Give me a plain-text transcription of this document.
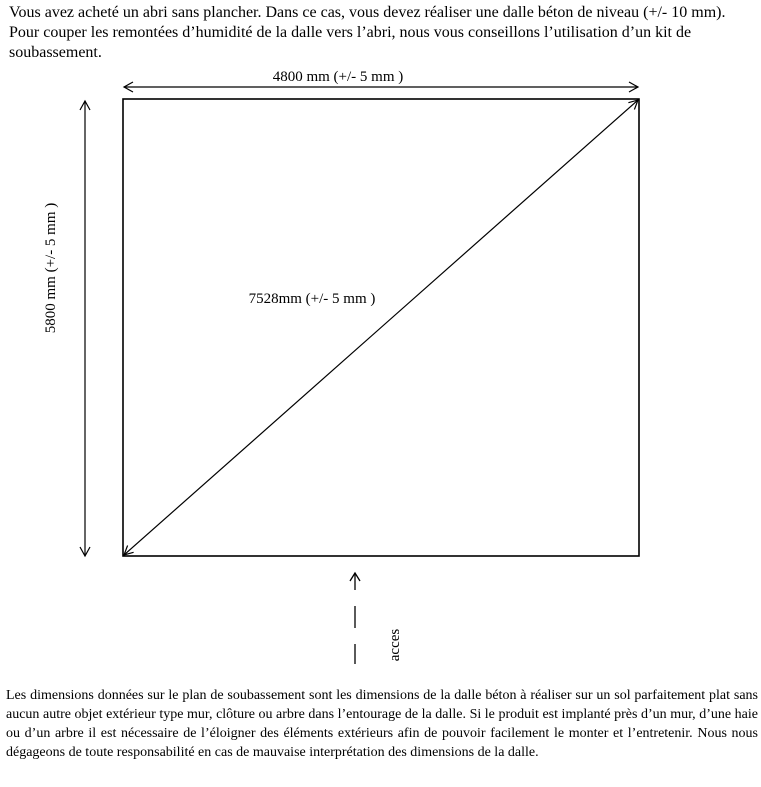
Vous avez acheté un abri sans plancher. Dans ce cas, vous devez réaliser une dalle béton de niveau (+/- 10 mm). Pour couper les remontées d’humidité de la dalle vers l’abri, nous vous conseillons l’utilisation d’un kit de soubassement.

4800 mm (+/- 5 mm )
5800 mm (+/- 5 mm )	7528mm (+/- 5 mm )
acces

Les dimensions données sur le plan de soubassement sont les dimensions de la dalle béton à réaliser sur un sol parfaitement plat sans aucun autre objet extérieur type mur, clôture ou arbre dans l’entourage de la dalle. Si le produit est implanté près d’un mur, d’une haie ou d’un arbre il est nécessaire de l’éloigner des éléments extérieurs afin de pouvoir facilement le monter et l’entretenir. Nous nous dégageons de toute responsabilité en cas de mauvaise interprétation des dimensions de la dalle.
